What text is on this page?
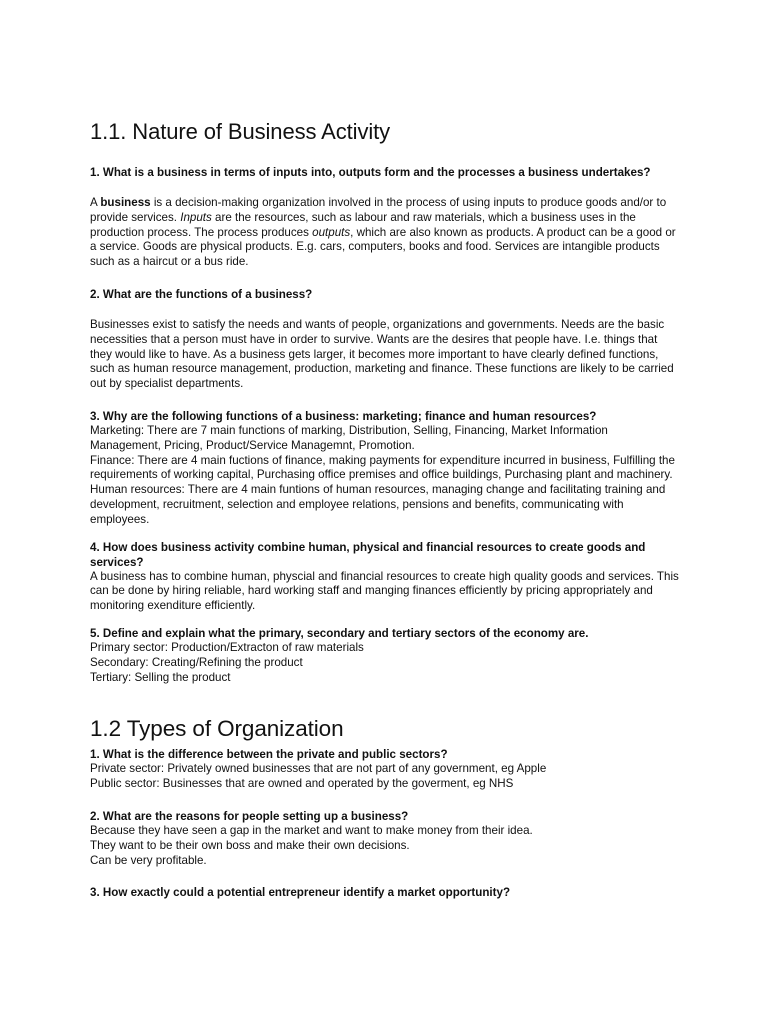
1.1. Nature of Business Activity

1. What is a business in terms of inputs into, outputs form and the processes a business undertakes?

A business is a decision-making organization involved in the process of using inputs to produce goods and/or to provide services. Inputs are the resources, such as labour and raw materials, which a business uses in the production process. The process produces outputs, which are also known as products. A product can be a good or a service. Goods are physical products. E.g. cars, computers, books and food. Services are intangible products such as a haircut or a bus ride.

2. What are the functions of a business?

Businesses exist to satisfy the needs and wants of people, organizations and governments. Needs are the basic necessities that a person must have in order to survive. Wants are the desires that people have. I.e. things that they would like to have. As a business gets larger, it becomes more important to have clearly defined functions, such as human resource management, production, marketing and finance. These functions are likely to be carried out by specialist departments.

3. Why are the following functions of a business: marketing; finance and human resources?

Marketing: There are 7 main functions of marking, Distribution, Selling, Financing, Market Information Management, Pricing, Product/Service Managemnt, Promotion.

Finance: There are 4 main fuctions of finance, making payments for expenditure incurred in business, Fulfilling the requirements of working capital, Purchasing office premises and office buildings, Purchasing plant and machinery.

Human resources: There are 4 main funtions of human resources, managing change and facilitating training and development, recruitment, selection and employee relations, pensions and benefits, communicating with employees.

4. How does business activity combine human, physical and financial resources to create goods and services?

A business has to combine human, physcial and financial resources to create high quality goods and services. This can be done by hiring reliable, hard working staff and manging finances efficiently by pricing appropriately and monitoring exenditure efficiently.

5. Define and explain what the primary, secondary and tertiary sectors of the economy are.

Primary sector: Production/Extracton of raw materials

Secondary: Creating/Refining the product

Tertiary: Selling the product

1.2 Types of Organization

1. What is the difference between the private and public sectors?

Private sector: Privately owned businesses that are not part of any government, eg Apple

Public sector: Businesses that are owned and operated by the goverment, eg NHS

2. What are the reasons for people setting up a business?

Because they have seen a gap in the market and want to make money from their idea.

They want to be their own boss and make their own decisions.

Can be very profitable.

3. How exactly could a potential entrepreneur identify a market opportunity?
